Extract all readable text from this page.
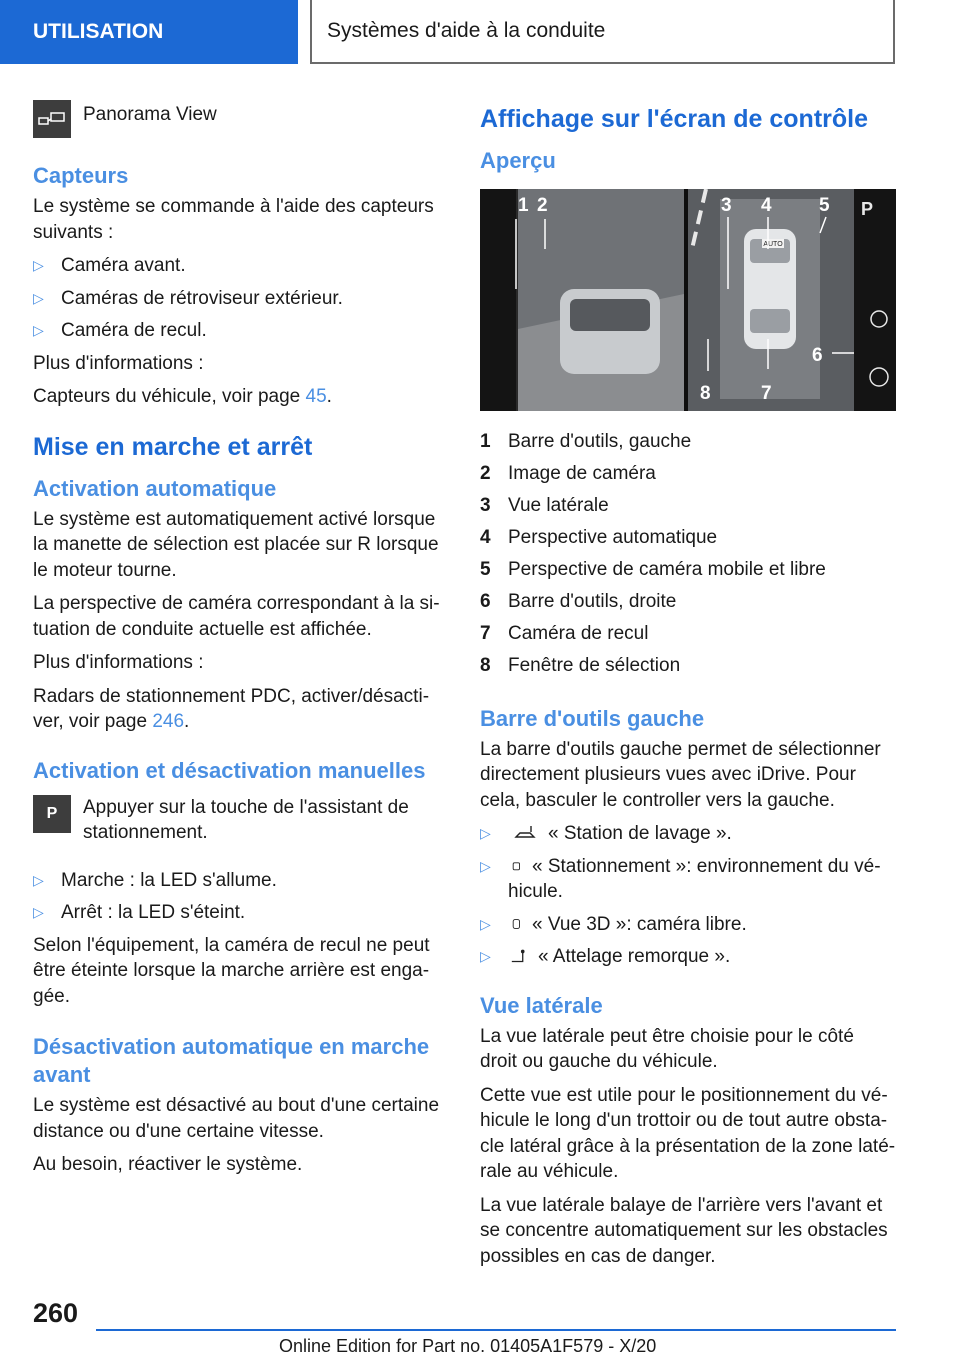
UTILISATION	Systèmes d'aide à la conduite

Panorama View

Capteurs

Le système se commande à l'aide des capteurs suivants :

▷ Caméra avant.
▷ Caméras de rétroviseur extérieur.
▷ Caméra de recul.

Plus d'informations :

Capteurs du véhicule, voir page 45.

Mise en marche et arrêt
Activation automatique

Le système est automatiquement activé lorsque la manette de sélection est placée sur R lorsque le moteur tourne.

La perspective de caméra correspondant à la situation de conduite actuelle est affichée.

Plus d'informations :

Radars de stationnement PDC, activer/désactiver, voir page 246.

Activation et désactivation manuelles
P	Appuyer sur la touche de l'assistant de stationnement.

▷ Marche : la LED s'allume.
▷ Arrêt : la LED s'éteint.

Selon l'équipement, la caméra de recul ne peut être éteinte lorsque la marche arrière est engagée.

Désactivation automatique en marche avant

Le système est désactivé au bout d'une certaine distance ou d'une certaine vitesse.

Au besoin, réactiver le système.

Affichage sur l'écran de contrôle
Aperçu
AUTO
P
1 2	3 4 5
6
7
8
1 Barre d'outils, gauche
2 Image de caméra
3 Vue latérale
4 Perspective automatique
5 Perspective de caméra mobile et libre
6 Barre d'outils, droite
7 Caméra de recul
8 Fenêtre de sélection
Barre d'outils gauche

La barre d'outils gauche permet de sélectionner directement plusieurs vues avec iDrive. Pour cela, basculer le controller vers la gauche.

▷	« Station de lavage ».
▷ « Stationnement »: environnement du véhicule.
▷ « Vue 3D »: caméra libre.
▷ « Attelage remorque ».
Vue latérale

La vue latérale peut être choisie pour le côté droit ou gauche du véhicule.

Cette vue est utile pour le positionnement du véhicule le long d'un trottoir ou de tout autre obstacle latéral grâce à la présentation de la zone latérale au véhicule.

La vue latérale balaye de l'arrière vers l'avant et se concentre automatiquement sur les obstacles possibles en cas de danger.

260
Online Edition for Part no. 01405A1F579 - X/20
